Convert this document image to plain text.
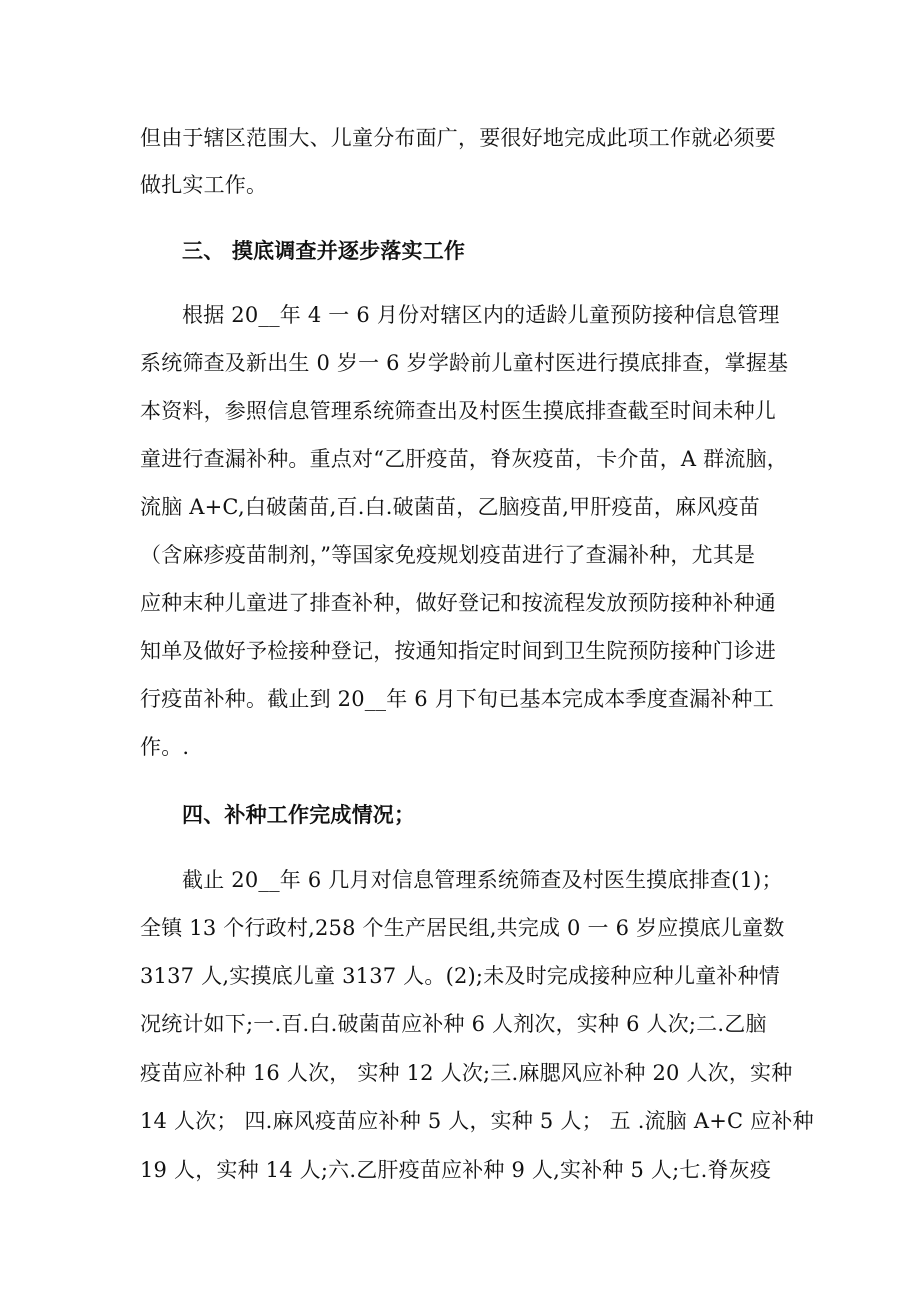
但由于辖区范围大、儿童分布面广，要很好地完成此项工作就必须要
做扎实工作。
三、 摸底调查并逐步落实工作
根据 20__年 4 一 6 月份对辖区内的适龄儿童预防接种信息管理
系统筛查及新出生 0 岁一 6 岁学龄前儿童村医进行摸底排查，掌握基
本资料，参照信息管理系统筛查出及村医生摸底排查截至时间未种儿
童进行查漏补种。重点对“乙肝疫苗，脊灰疫苗，卡介苗，A 群流脑，
流脑 A+C,白破菌苗,百.白.破菌苗，乙脑疫苗,甲肝疫苗，麻风疫苗
（含麻疹疫苗制剂，”等国家免疫规划疫苗进行了查漏补种，尤其是
应种末种儿童进了排查补种，做好登记和按流程发放预防接种补种通
知单及做好予检接种登记，按通知指定时间到卫生院预防接种门诊进
行疫苗补种。截止到 20__年 6 月下旬已基本完成本季度查漏补种工
作。.
四、补种工作完成情况；
截止 20__年 6 几月对信息管理系统筛查及村医生摸底排查(1)；
全镇 13 个行政村,258 个生产居民组,共完成 0 一 6 岁应摸底儿童数
3137 人,实摸底儿童 3137 人。(2);未及时完成接种应种儿童补种情
况统计如下;一.百.白.破菌苗应补种 6 人剂次，实种 6 人次;二.乙脑
疫苗应补种 16 人次， 实种 12 人次;三.麻腮风应补种 20 人次，实种
14 人次； 四.麻风疫苗应补种 5 人，实种 5 人； 五 .流脑 A+C 应补种
19 人，实种 14 人;六.乙肝疫苗应补种 9 人,实补种 5 人;七.脊灰疫
